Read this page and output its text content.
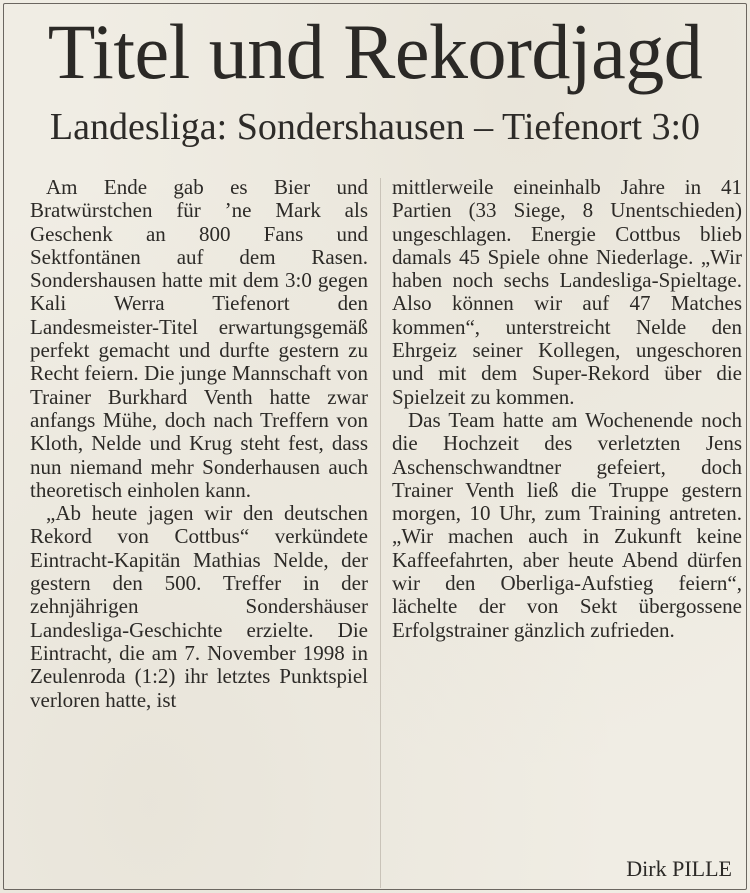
Titel und Rekordjagd
Landesliga: Sondershausen – Tiefenort 3:0

Am Ende gab es Bier und Bratwürstchen für ’ne Mark als Geschenk an 800 Fans und Sektfontänen auf dem Rasen. Sondershausen hatte mit dem 3:0 gegen Kali Werra Tiefenort den Landesmeister-Titel erwartungsgemäß perfekt gemacht und durfte gestern zu Recht feiern. Die junge Mannschaft von Trainer Burkhard Venth hatte zwar anfangs Mühe, doch nach Treffern von Kloth, Nelde und Krug steht fest, dass nun niemand mehr Sonderhausen auch theoretisch einholen kann.

„Ab heute jagen wir den deutschen Rekord von Cottbus“ verkündete Eintracht-Kapitän Mathias Nelde, der gestern den 500. Treffer in der zehnjährigen Sondershäuser Landesliga-Geschichte erzielte. Die Eintracht, die am 7. November 1998 in Zeulenroda (1:2) ihr letztes Punktspiel verloren hatte, ist

mittlerweile eineinhalb Jahre in 41 Partien (33 Siege, 8 Unentschieden) ungeschlagen. Energie Cottbus blieb damals 45 Spiele ohne Niederlage. „Wir haben noch sechs Landesliga-Spieltage. Also können wir auf 47 Matches kommen“, unterstreicht Nelde den Ehrgeiz seiner Kollegen, ungeschoren und mit dem Super-Rekord über die Spielzeit zu kommen.

Das Team hatte am Wochenende noch die Hochzeit des verletzten Jens Aschenschwandtner gefeiert, doch Trainer Venth ließ die Truppe gestern morgen, 10 Uhr, zum Training antreten. „Wir machen auch in Zukunft keine Kaffeefahrten, aber heute Abend dürfen wir den Oberliga-Aufstieg feiern“, lächelte der von Sekt übergossene Erfolgstrainer gänzlich zufrieden.

Dirk PILLE
